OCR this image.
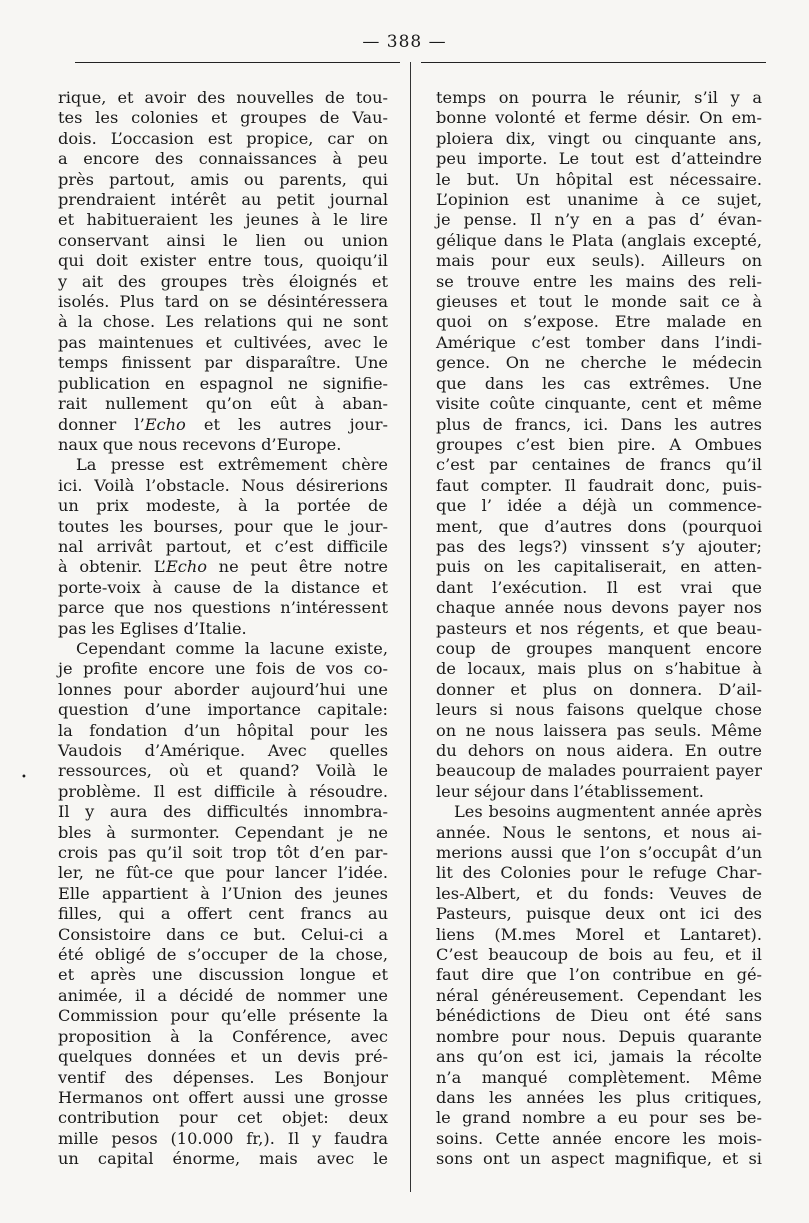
— 388 —
•
rique, et avoir des nouvelles de tou-
tes les colonies et groupes de Vau-
dois. L’occasion est propice, car on
a encore des connaissances à peu
près partout, amis ou parents, qui
prendraient intérêt au petit journal
et habitueraient les jeunes à le lire
conservant ainsi le lien ou union
qui doit exister entre tous, quoiqu’il
y ait des groupes très éloignés et
isolés. Plus tard on se désintéressera
à la chose. Les relations qui ne sont
pas maintenues et cultivées, avec le
temps finissent par disparaître. Une
publication en espagnol ne signifie-
rait nullement qu’on eût à aban-
donner l’Echo et les autres jour-
naux que nous recevons d’Europe.
La presse est extrêmement chère
ici. Voilà l’obstacle. Nous désirerions
un prix modeste, à la portée de
toutes les bourses, pour que le jour-
nal arrivât partout, et c’est difficile
à obtenir. L’Echo ne peut être notre
porte-voix à cause de la distance et
parce que nos questions n’intéressent
pas les Eglises d’Italie.
Cependant comme la lacune existe,
je profite encore une fois de vos co-
lonnes pour aborder aujourd’hui une
question d’une importance capitale:
la fondation d’un hôpital pour les
Vaudois d’Amérique. Avec quelles
ressources, où et quand? Voilà le
problème. Il est difficile à résoudre.
Il y aura des difficultés innombra-
bles à surmonter. Cependant je ne
crois pas qu’il soit trop tôt d’en par-
ler, ne fût-ce que pour lancer l’idée.
Elle appartient à l’Union des jeunes
filles, qui a offert cent francs au
Consistoire dans ce but. Celui-ci a
été obligé de s’occuper de la chose,
et après une discussion longue et
animée, il a décidé de nommer une
Commission pour qu’elle présente la
proposition à la Conférence, avec
quelques données et un devis pré-
ventif des dépenses. Les Bonjour
Hermanos ont offert aussi une grosse
contribution pour cet objet: deux
mille pesos (10.000 fr,). Il y faudra
un capital énorme, mais avec le
temps on pourra le réunir, s’il y a
bonne volonté et ferme désir. On em-
ploiera dix, vingt ou cinquante ans,
peu importe. Le tout est d’atteindre
le but. Un hôpital est nécessaire.
L’opinion est unanime à ce sujet,
je pense. Il n’y en a pas d’ évan-
gélique dans le Plata (anglais excepté,
mais pour eux seuls). Ailleurs on
se trouve entre les mains des reli-
gieuses et tout le monde sait ce à
quoi on s’expose. Etre malade en
Amérique c’est tomber dans l’indi-
gence. On ne cherche le médecin
que dans les cas extrêmes. Une
visite coûte cinquante, cent et même
plus de francs, ici. Dans les autres
groupes c’est bien pire. A Ombues
c’est par centaines de francs qu’il
faut compter. Il faudrait donc, puis-
que l’ idée a déjà un commence-
ment, que d’autres dons (pourquoi
pas des legs?) vinssent s’y ajouter;
puis on les capitaliserait, en atten-
dant l’exécution. Il est vrai que
chaque année nous devons payer nos
pasteurs et nos régents, et que beau-
coup de groupes manquent encore
de locaux, mais plus on s’habitue à
donner et plus on donnera. D’ail-
leurs si nous faisons quelque chose
on ne nous laissera pas seuls. Même
du dehors on nous aidera. En outre
beaucoup de malades pourraient payer
leur séjour dans l’établissement.
Les besoins augmentent année après
année. Nous le sentons, et nous ai-
merions aussi que l’on s’occupât d’un
lit des Colonies pour le refuge Char-
les-Albert, et du fonds: Veuves de
Pasteurs, puisque deux ont ici des
liens (M.mes Morel et Lantaret).
C’est beaucoup de bois au feu, et il
faut dire que l’on contribue en gé-
néral généreusement. Cependant les
bénédictions de Dieu ont été sans
nombre pour nous. Depuis quarante
ans qu’on est ici, jamais la récolte
n’a manqué complètement. Même
dans les années les plus critiques,
le grand nombre a eu pour ses be-
soins. Cette année encore les mois-
sons ont un aspect magnifique, et si
